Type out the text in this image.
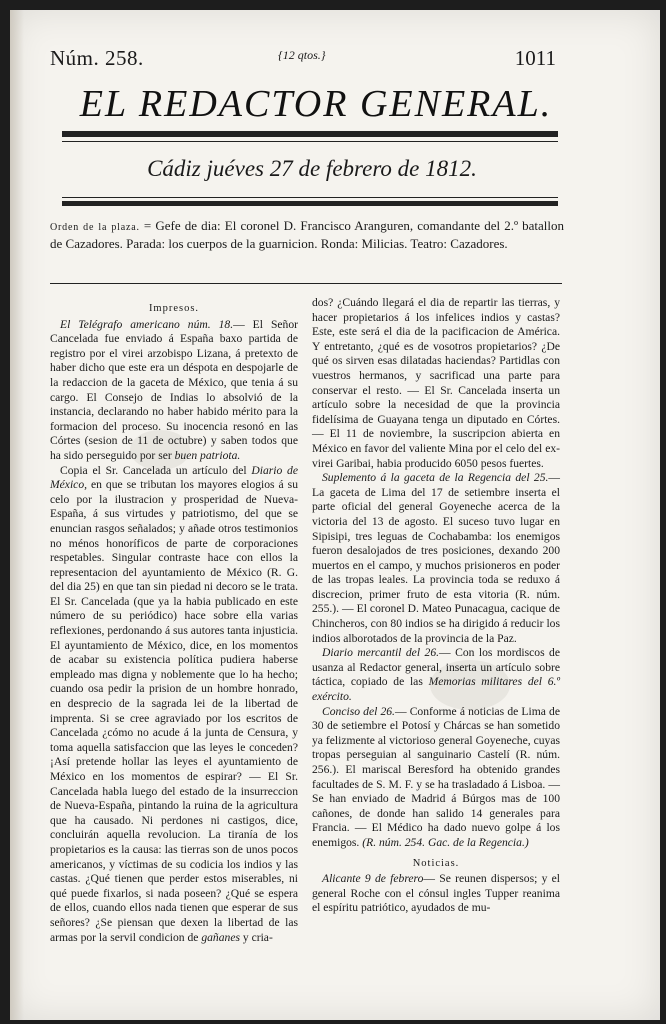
Núm. 258.	{12 qtos.}	1011
EL REDACTOR GENERAL.
Cádiz juéves 27 de febrero de 1812.
Orden de la plaza. = Gefe de dia: El coronel D. Francisco Aranguren, comandante del 2.º batallon de Cazadores. Parada: los cuerpos de la guarnicion. Ronda: Milicias. Teatro: Cazadores.
Impresos.

El Telégrafo americano núm. 18.— El Señor Cancelada fue enviado á España baxo partida de registro por el virei arzobispo Lizana, á pretexto de haber dicho que este era un déspota en despojarle de la redaccion de la gaceta de México, que tenia á su cargo. El Consejo de Indias lo absolvió de la instancia, declarando no haber habido mérito para la formacion del proceso. Su inocencia resonó en las Córtes (sesion de 11 de octubre) y saben todos que ha sido perseguido por ser buen patriota.

Copia el Sr. Cancelada un artículo del Diario de México, en que se tributan los mayores elogios á su celo por la ilustracion y prosperidad de Nueva-España, á sus virtudes y patriotismo, del que se enuncian rasgos señalados; y añade otros testimonios no ménos honoríficos de parte de corporaciones respetables. Singular contraste hace con ellos la representacion del ayuntamiento de México (R. G. del dia 25) en que tan sin piedad ni decoro se le trata. El Sr. Cancelada (que ya la habia publicado en este número de su periódico) hace sobre ella varias reflexiones, perdonando á sus autores tanta injusticia. El ayuntamiento de México, dice, en los momentos de acabar su existencia política pudiera haberse empleado mas digna y noblemente que lo ha hecho; cuando osa pedir la prision de un hombre honrado, en desprecio de la sagrada lei de la libertad de imprenta. Si se cree agraviado por los escritos de Cancelada ¿cómo no acude á la junta de Censura, y toma aquella satisfaccion que las leyes le conceden? ¡Así pretende hollar las leyes el ayuntamiento de México en los momentos de espirar? — El Sr. Cancelada habla luego del estado de la insurreccion de Nueva-España, pintando la ruina de la agricultura que ha causado. Ni perdones ni castigos, dice, concluirán aquella revolucion. La tiranía de los propietarios es la causa: las tierras son de unos pocos americanos, y víctimas de su codicia los indios y las castas. ¿Qué tienen que perder estos miserables, ni qué puede fixarlos, si nada poseen? ¿Qué se espera de ellos, cuando ellos nada tienen que esperar de sus señores? ¿Se piensan que dexen la libertad de las armas por la servil condicion de gañanes y cria-

dos? ¿Cuándo llegará el dia de repartir las tierras, y hacer propietarios á los infelices indios y castas? Este, este será el dia de la pacificacion de América. Y entretanto, ¿qué es de vosotros propietarios? ¿De qué os sirven esas dilatadas haciendas? Partidlas con vuestros hermanos, y sacrificad una parte para conservar el resto. — El Sr. Cancelada inserta un artículo sobre la necesidad de que la provincia fidelísima de Guayana tenga un diputado en Córtes. — El 11 de noviembre, la suscripcion abierta en México en favor del valiente Mina por el celo del ex-virei Garibai, habia producido 6050 pesos fuertes.

Suplemento á la gaceta de la Regencia del 25.— La gaceta de Lima del 17 de setiembre inserta el parte oficial del general Goyeneche acerca de la victoria del 13 de agosto. El suceso tuvo lugar en Sipisipi, tres leguas de Cochabamba: los enemigos fueron desalojados de tres posiciones, dexando 200 muertos en el campo, y muchos prisioneros en poder de las tropas leales. La provincia toda se reduxo á discrecion, primer fruto de esta vitoria (R. núm. 255.). — El coronel D. Mateo Punacagua, cacique de Chincheros, con 80 indios se ha dirigido á reducir los indios alborotados de la provincia de la Paz.

Diario mercantil del 26.— Con los mordiscos de usanza al Redactor general, inserta un artículo sobre táctica, copiado de las Memorias militares del 6.º exército.

Conciso del 26.— Conforme á noticias de Lima de 30 de setiembre el Potosí y Chárcas se han sometido ya felizmente al victorioso general Goyeneche, cuyas tropas perseguian al sanguinario Castelí (R. núm. 256.). El mariscal Beresford ha obtenido grandes facultades de S. M. F. y se ha trasladado á Lisboa. — Se han enviado de Madrid á Búrgos mas de 100 cañones, de donde han salido 14 generales para Francia. — El Médico ha dado nuevo golpe á los enemigos. (R. núm. 254. Gac. de la Regencia.)

Noticias.

Alicante 9 de febrero— Se reunen dispersos; y el general Roche con el cónsul ingles Tupper reanima el espíritu patriótico, ayudados de mu-
